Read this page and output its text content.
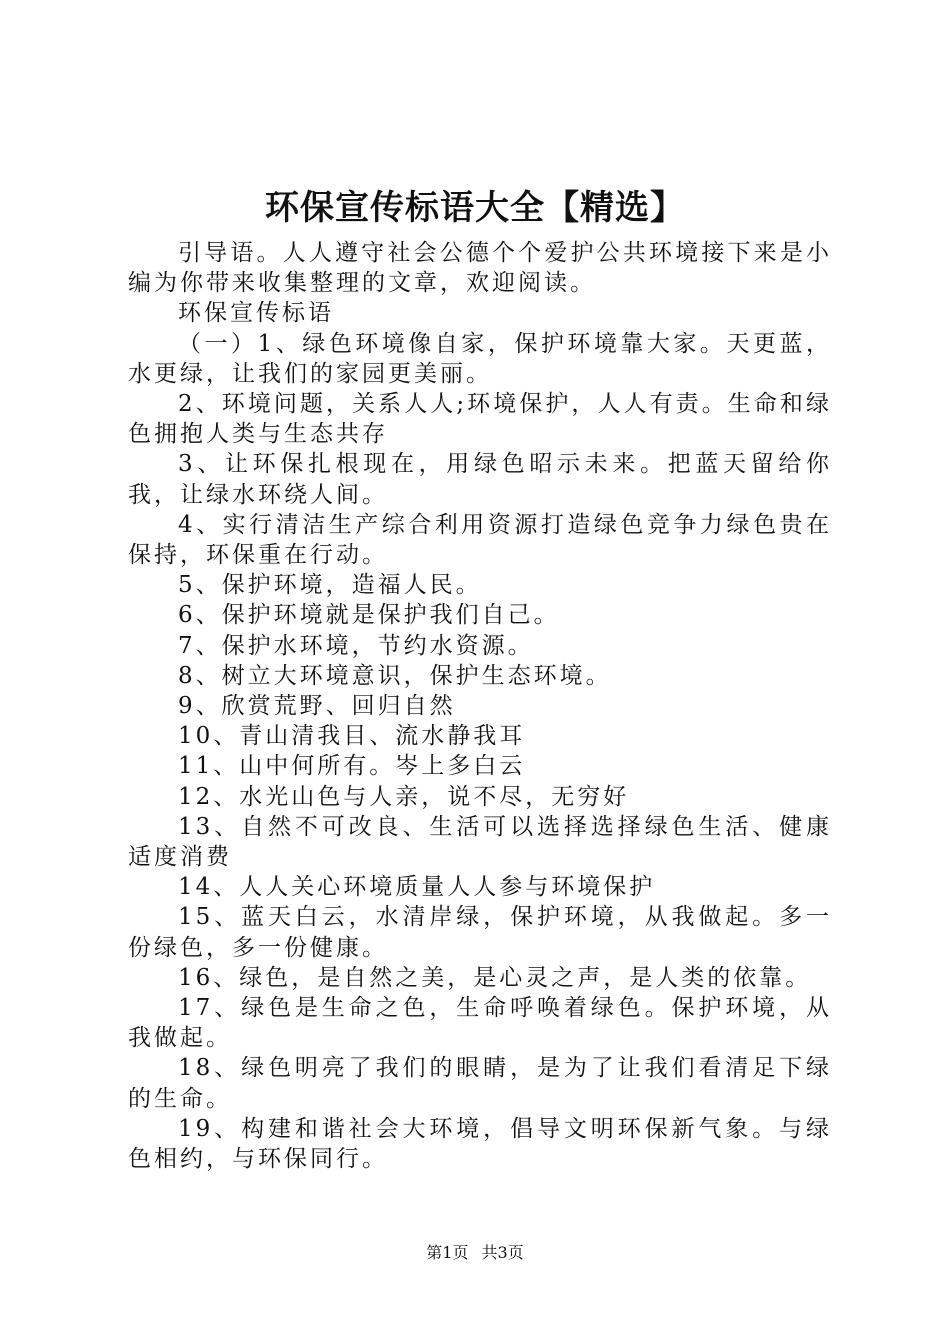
环保宣传标语大全【精选】

引导语。人人遵守社会公德个个爱护公共环境接下来是小编为你带来收集整理的文章，欢迎阅读。

环保宣传标语

（一）1、绿色环境像自家，保护环境靠大家。天更蓝，水更绿，让我们的家园更美丽。

2、环境问题，关系人人;环境保护，人人有责。生命和绿色拥抱人类与生态共存

3、让环保扎根现在，用绿色昭示未来。把蓝天留给你我，让绿水环绕人间。

4、实行清洁生产综合利用资源打造绿色竞争力绿色贵在保持，环保重在行动。

5、保护环境，造福人民。

6、保护环境就是保护我们自己。

7、保护水环境，节约水资源。

8、树立大环境意识，保护生态环境。

9、欣赏荒野、回归自然

10、青山清我目、流水静我耳

11、山中何所有。岑上多白云

12、水光山色与人亲，说不尽，无穷好

13、自然不可改良、生活可以选择选择绿色生活、健康适度消费

14、人人关心环境质量人人参与环境保护

15、蓝天白云，水清岸绿，保护环境，从我做起。多一份绿色，多一份健康。

16、绿色，是自然之美，是心灵之声，是人类的依靠。

17、绿色是生命之色，生命呼唤着绿色。保护环境，从我做起。

18、绿色明亮了我们的眼睛，是为了让我们看清足下绿的生命。

19、构建和谐社会大环境，倡导文明环保新气象。与绿色相约，与环保同行。

第1页 共3页
